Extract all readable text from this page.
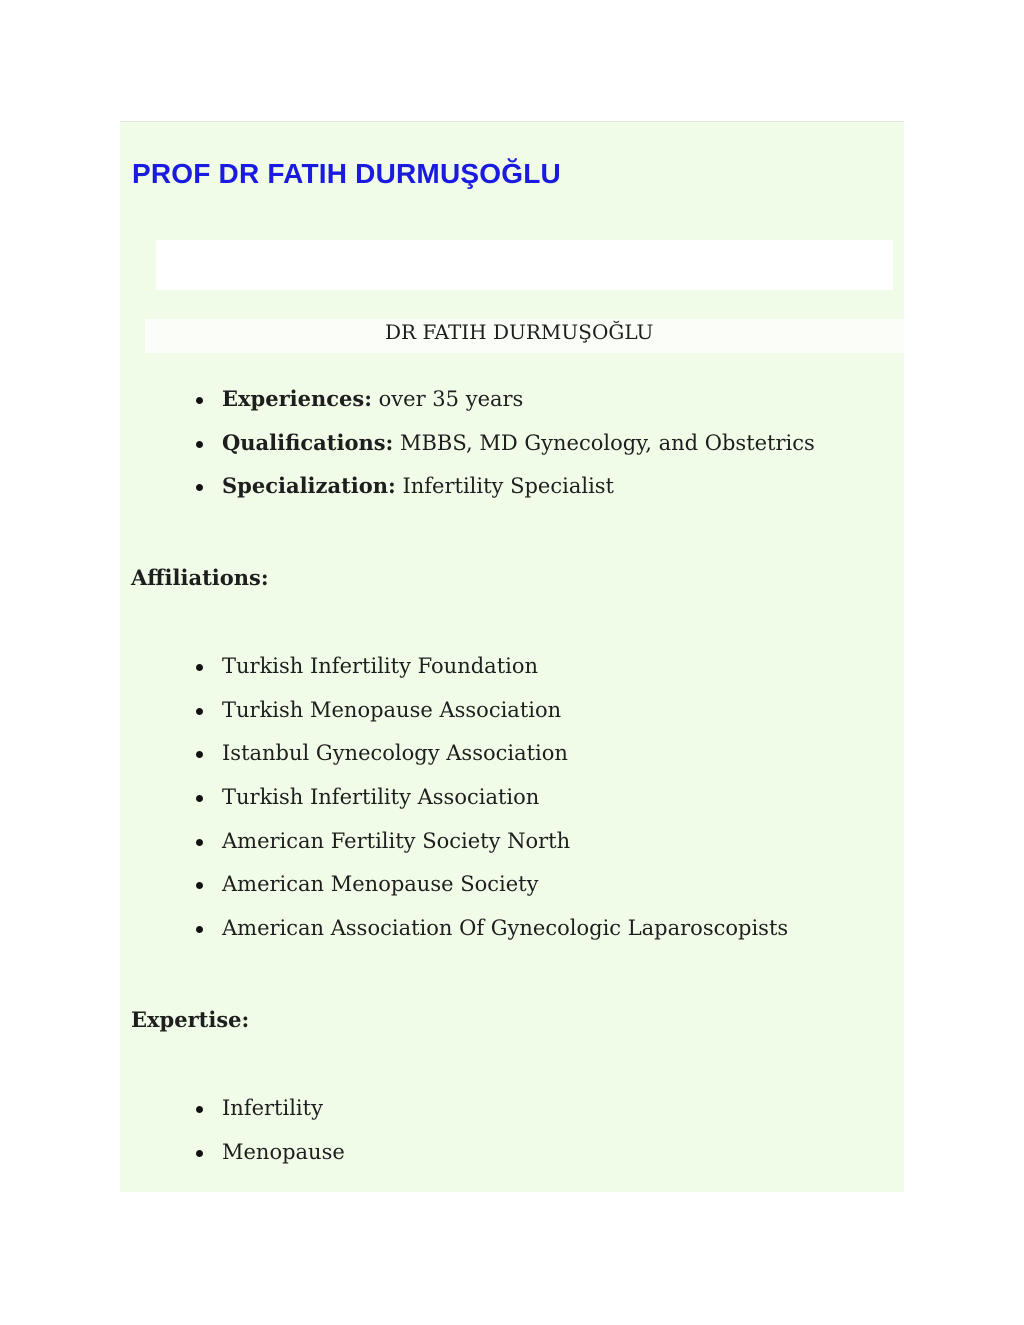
PROF DR FATIH DURMUŞOĞLU
DR FATIH DURMUŞOĞLU
Experiences: over 35 years
Qualifications: MBBS, MD Gynecology, and Obstetrics
Specialization: Infertility Specialist
Affiliations:
Turkish Infertility Foundation
Turkish Menopause Association
Istanbul Gynecology Association
Turkish Infertility Association
American Fertility Society North
American Menopause Society
American Association Of Gynecologic Laparoscopists
Expertise:
Infertility
Menopause
